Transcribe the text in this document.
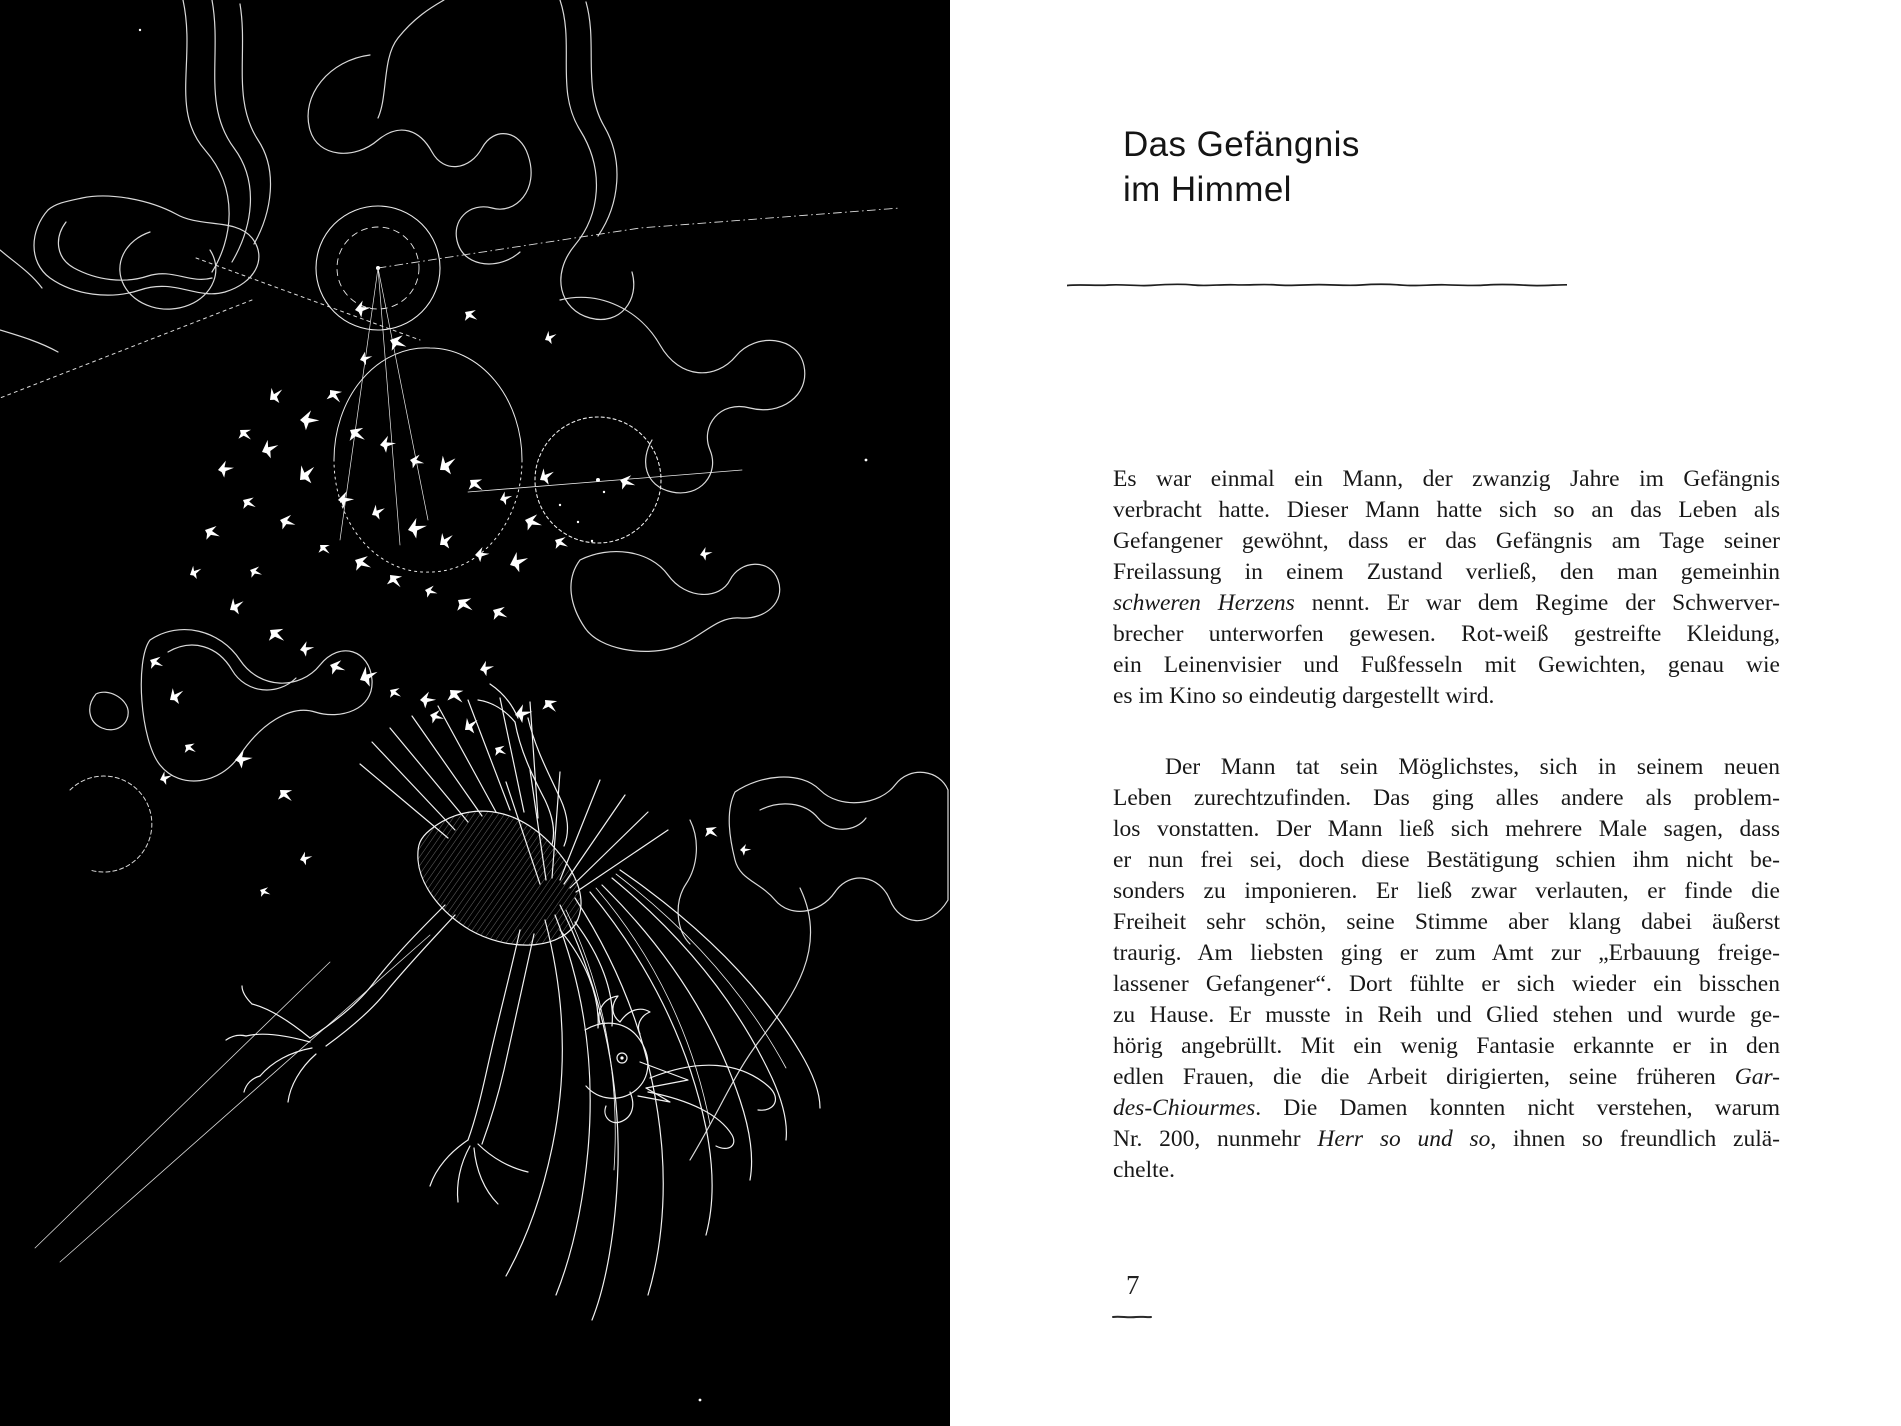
Das Gefängnis
im Himmel
Es war einmal ein Mann, der zwanzig Jahre im Gefängnis
verbracht hatte. Dieser Mann hatte sich so an das Leben als
Gefangener gewöhnt, dass er das Gefängnis am Tage seiner
Freilassung in einem Zustand verließ, den man gemeinhin
schweren Herzens nennt. Er war dem Regime der Schwerver-
brecher unterworfen gewesen. Rot-weiß gestreifte Kleidung,
ein Leinenvisier und Fußfesseln mit Gewichten, genau wie
es im Kino so eindeutig dargestellt wird.
Der Mann tat sein Möglichstes, sich in seinem neuen
Leben zurechtzufinden. Das ging alles andere als problem-
los vonstatten. Der Mann ließ sich mehrere Male sagen, dass
er nun frei sei, doch diese Bestätigung schien ihm nicht be-
sonders zu imponieren. Er ließ zwar verlauten, er finde die
Freiheit sehr schön, seine Stimme aber klang dabei äußerst
traurig. Am liebsten ging er zum Amt zur „Erbauung freige-
lassener Gefangener“. Dort fühlte er sich wieder ein bisschen
zu Hause. Er musste in Reih und Glied stehen und wurde ge-
hörig angebrüllt. Mit ein wenig Fantasie erkannte er in den
edlen Frauen, die die Arbeit dirigierten, seine früheren Gar-
des-Chiourmes. Die Damen konnten nicht verstehen, warum
Nr. 200, nunmehr Herr so und so, ihnen so freundlich zulä-
chelte.
7
